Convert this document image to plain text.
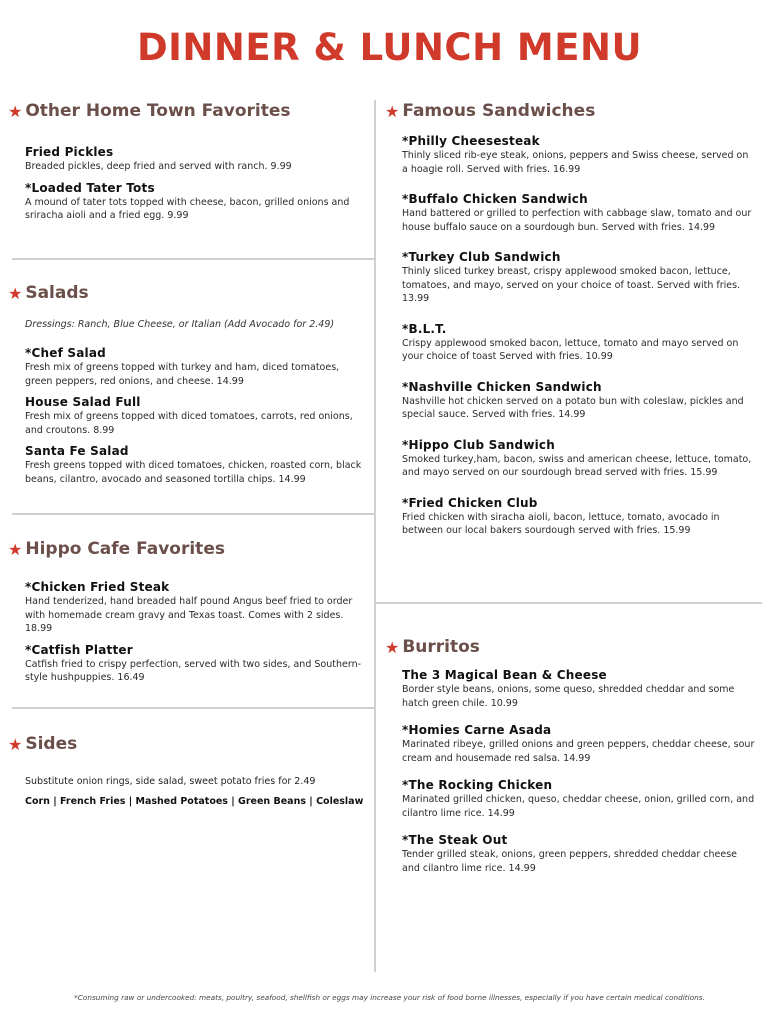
DINNER & LUNCH MENU
★ Other Home Town Favorites
Fried Pickles
Breaded pickles, deep fried and served with ranch. 9.99
*Loaded Tater Tots
A mound of tater tots topped with cheese, bacon, grilled onions and sriracha aioli and a fried egg. 9.99
★ Salads
Dressings: Ranch, Blue Cheese, or Italian (Add Avocado for 2.49)
*Chef Salad
Fresh mix of greens topped with turkey and ham, diced tomatoes, green peppers, red onions, and cheese. 14.99
House Salad Full
Fresh mix of greens topped with diced tomatoes, carrots, red onions, and croutons. 8.99
Santa Fe Salad
Fresh greens topped with diced tomatoes, chicken, roasted corn, black beans, cilantro, avocado and seasoned tortilla chips. 14.99
★ Hippo Cafe Favorites
*Chicken Fried Steak
Hand tenderized, hand breaded half pound Angus beef fried to order with homemade cream gravy and Texas toast. Comes with 2 sides. 18.99
*Catfish Platter
Catfish fried to crispy perfection, served with two sides, and Southern-style hushpuppies. 16.49
★ Sides
Substitute onion rings, side salad, sweet potato fries for 2.49
Corn | French Fries | Mashed Potatoes | Green Beans | Coleslaw
★ Famous Sandwiches
*Philly Cheesesteak
Thinly sliced rib-eye steak, onions, peppers and Swiss cheese, served on a hoagie roll. Served with fries. 16.99
*Buffalo Chicken Sandwich
Hand battered or grilled to perfection with cabbage slaw, tomato and our house buffalo sauce on a sourdough bun. Served with fries. 14.99
*Turkey Club Sandwich
Thinly sliced turkey breast, crispy applewood smoked bacon, lettuce, tomatoes, and mayo, served on your choice of toast. Served with fries. 13.99
*B.L.T.
Crispy applewood smoked bacon, lettuce, tomato and mayo served on your choice of toast Served with fries. 10.99
*Nashville Chicken Sandwich
Nashville hot chicken served on a potato bun with coleslaw, pickles and special sauce. Served with fries. 14.99
*Hippo Club Sandwich
Smoked turkey,ham, bacon, swiss and american cheese, lettuce, tomato, and mayo served on our sourdough bread served with fries. 15.99
*Fried Chicken Club
Fried chicken with siracha aioli, bacon, lettuce, tomato, avocado in between our local bakers sourdough served with fries. 15.99
★ Burritos
The 3 Magical Bean & Cheese
Border style beans, onions, some queso, shredded cheddar and some hatch green chile. 10.99
*Homies Carne Asada
Marinated ribeye, grilled onions and green peppers, cheddar cheese, sour cream and housemade red salsa. 14.99
*The Rocking Chicken
Marinated grilled chicken, queso, cheddar cheese, onion, grilled corn, and cilantro lime rice. 14.99
*The Steak Out
Tender grilled steak, onions, green peppers, shredded cheddar cheese and cilantro lime rice. 14.99
*Consuming raw or undercooked: meats, poultry, seafood, shellfish or eggs may increase your risk of food borne illnesses, especially if you have certain medical conditions.
